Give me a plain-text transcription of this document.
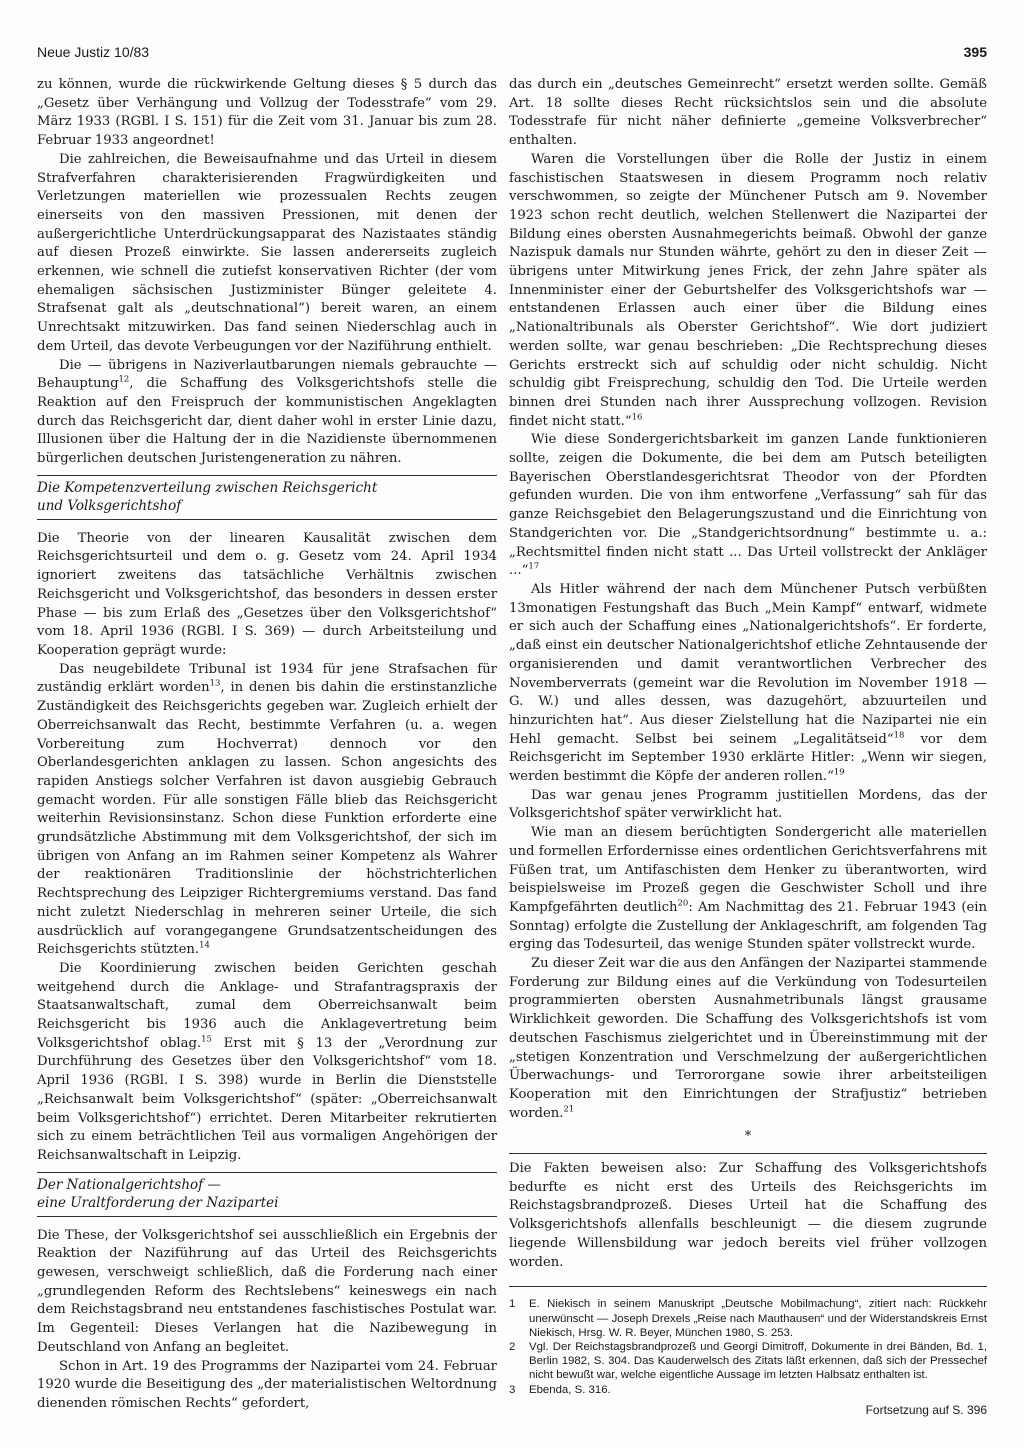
Neue Justiz 10/83	395

zu können, wurde die rückwirkende Geltung dieses § 5 durch das „Gesetz über Verhängung und Vollzug der Todesstrafe“ vom 29. März 1933 (RGBl. I S. 151) für die Zeit vom 31. Januar bis zum 28. Februar 1933 angeordnet!

Die zahlreichen, die Beweisaufnahme und das Urteil in diesem Strafverfahren charakterisierenden Fragwürdigkeiten und Verletzungen materiellen wie prozessualen Rechts zeugen einerseits von den massiven Pressionen, mit denen der außergerichtliche Unterdrückungsapparat des Nazistaates ständig auf diesen Prozeß einwirkte. Sie lassen andererseits zugleich erkennen, wie schnell die zutiefst konservativen Richter (der vom ehemaligen sächsischen Justizminister Bünger geleitete 4. Strafsenat galt als „deutschnational“) bereit waren, an einem Unrechtsakt mitzuwirken. Das fand seinen Niederschlag auch in dem Urteil, das devote Verbeugungen vor der Naziführung enthielt.

Die — übrigens in Naziverlautbarungen niemals gebrauchte — Behauptung$^{12}$, die Schaffung des Volksgerichtshofs stelle die Reaktion auf den Freispruch der kommunistischen Angeklagten durch das Reichsgericht dar, dient daher wohl in erster Linie dazu, Illusionen über die Haltung der in die Nazidienste übernommenen bürgerlichen deutschen Juristengeneration zu nähren.

Die Kompetenzverteilung zwischen Reichsgericht
und Volksgerichtshof

Die Theorie von der linearen Kausalität zwischen dem Reichsgerichtsurteil und dem o. g. Gesetz vom 24. April 1934 ignoriert zweitens das tatsächliche Verhältnis zwischen Reichsgericht und Volksgerichtshof, das besonders in dessen erster Phase — bis zum Erlaß des „Gesetzes über den Volksgerichtshof“ vom 18. April 1936 (RGBl. I S. 369) — durch Arbeitsteilung und Kooperation geprägt wurde:

Das neugebildete Tribunal ist 1934 für jene Strafsachen für zuständig erklärt worden$^{13}$, in denen bis dahin die erstinstanzliche Zuständigkeit des Reichsgerichts gegeben war. Zugleich erhielt der Oberreichsanwalt das Recht, bestimmte Verfahren (u. a. wegen Vorbereitung zum Hochverrat) dennoch vor den Oberlandesgerichten anklagen zu lassen. Schon angesichts des rapiden Anstiegs solcher Verfahren ist davon ausgiebig Gebrauch gemacht worden. Für alle sonstigen Fälle blieb das Reichsgericht weiterhin Revisionsinstanz. Schon diese Funktion erforderte eine grundsätzliche Abstimmung mit dem Volksgerichtshof, der sich im übrigen von Anfang an im Rahmen seiner Kompetenz als Wahrer der reaktionären Traditionslinie der höchstrichterlichen Rechtsprechung des Leipziger Richtergremiums verstand. Das fand nicht zuletzt Niederschlag in mehreren seiner Urteile, die sich ausdrücklich auf vorangegangene Grundsatzentscheidungen des Reichsgerichts stützten.$^{14}$

Die Koordinierung zwischen beiden Gerichten geschah weitgehend durch die Anklage- und Strafantragspraxis der Staatsanwaltschaft, zumal dem Oberreichsanwalt beim Reichsgericht bis 1936 auch die Anklagevertretung beim Volksgerichtshof oblag.$^{15}$ Erst mit § 13 der „Verordnung zur Durchführung des Gesetzes über den Volksgerichtshof“ vom 18. April 1936 (RGBl. I S. 398) wurde in Berlin die Dienststelle „Reichsanwalt beim Volksgerichtshof“ (später: „Oberreichsanwalt beim Volksgerichtshof“) errichtet. Deren Mitarbeiter rekrutierten sich zu einem beträchtlichen Teil aus vormaligen Angehörigen der Reichsanwaltschaft in Leipzig.

Der Nationalgerichtshof —
eine Uraltforderung der Nazipartei

Die These, der Volksgerichtshof sei ausschließlich ein Ergebnis der Reaktion der Naziführung auf das Urteil des Reichsgerichts gewesen, verschweigt schließlich, daß die Forderung nach einer „grundlegenden Reform des Rechtslebens“ keineswegs ein nach dem Reichstagsbrand neu entstandenes faschistisches Postulat war. Im Gegenteil: Dieses Verlangen hat die Nazibewegung in Deutschland von Anfang an begleitet.

Schon in Art. 19 des Programms der Nazipartei vom 24. Februar 1920 wurde die Beseitigung des „der materialistischen Weltordnung dienenden römischen Rechts“ gefordert,

das durch ein „deutsches Gemeinrecht“ ersetzt werden sollte. Gemäß Art. 18 sollte dieses Recht rücksichtslos sein und die absolute Todesstrafe für nicht näher definierte „gemeine Volksverbrecher“ enthalten.

Waren die Vorstellungen über die Rolle der Justiz in einem faschistischen Staatswesen in diesem Programm noch relativ verschwommen, so zeigte der Münchener Putsch am 9. November 1923 schon recht deutlich, welchen Stellenwert die Nazipartei der Bildung eines obersten Ausnahmegerichts beimaß. Obwohl der ganze Nazispuk damals nur Stunden währte, gehört zu den in dieser Zeit — übrigens unter Mitwirkung jenes Frick, der zehn Jahre später als Innenminister einer der Geburtshelfer des Volksgerichtshofs war — entstandenen Erlassen auch einer über die Bildung eines „Nationaltribunals als Oberster Gerichtshof“. Wie dort judiziert werden sollte, war genau beschrieben: „Die Rechtsprechung dieses Gerichts erstreckt sich auf schuldig oder nicht schuldig. Nicht schuldig gibt Freisprechung, schuldig den Tod. Die Urteile werden binnen drei Stunden nach ihrer Aussprechung vollzogen. Revision findet nicht statt.“$^{16}$

Wie diese Sondergerichtsbarkeit im ganzen Lande funktionieren sollte, zeigen die Dokumente, die bei dem am Putsch beteiligten Bayerischen Oberstlandesgerichtsrat Theodor von der Pfordten gefunden wurden. Die von ihm entworfene „Verfassung“ sah für das ganze Reichsgebiet den Belagerungszustand und die Einrichtung von Standgerichten vor. Die „Standgerichtsordnung“ bestimmte u. a.: „Rechtsmittel finden nicht statt ... Das Urteil vollstreckt der Ankläger ...“$^{17}$

Als Hitler während der nach dem Münchener Putsch verbüßten 13monatigen Festungshaft das Buch „Mein Kampf“ entwarf, widmete er sich auch der Schaffung eines „Nationalgerichtshofs“. Er forderte, „daß einst ein deutscher Nationalgerichtshof etliche Zehntausende der organisierenden und damit verantwortlichen Verbrecher des Novemberverrats (gemeint war die Revolution im November 1918 — G. W.) und alles dessen, was dazugehört, abzuurteilen und hinzurichten hat“. Aus dieser Zielstellung hat die Nazipartei nie ein Hehl gemacht. Selbst bei seinem „Legalitätseid“$^{18}$ vor dem Reichsgericht im September 1930 erklärte Hitler: „Wenn wir siegen, werden bestimmt die Köpfe der anderen rollen.“$^{19}$

Das war genau jenes Programm justitiellen Mordens, das der Volksgerichtshof später verwirklicht hat.

Wie man an diesem berüchtigten Sondergericht alle materiellen und formellen Erfordernisse eines ordentlichen Gerichtsverfahrens mit Füßen trat, um Antifaschisten dem Henker zu überantworten, wird beispielsweise im Prozeß gegen die Geschwister Scholl und ihre Kampfgefährten deutlich$^{20}$: Am Nachmittag des 21. Februar 1943 (ein Sonntag) erfolgte die Zustellung der Anklageschrift, am folgenden Tag erging das Todesurteil, das wenige Stunden später vollstreckt wurde.

Zu dieser Zeit war die aus den Anfängen der Nazipartei stammende Forderung zur Bildung eines auf die Verkündung von Todesurteilen programmierten obersten Ausnahmetribunals längst grausame Wirklichkeit geworden. Die Schaffung des Volksgerichtshofs ist vom deutschen Faschismus zielgerichtet und in Übereinstimmung mit der „stetigen Konzentration und Verschmelzung der außergerichtlichen Überwachungs- und Terrororgane sowie ihrer arbeitsteiligen Kooperation mit den Einrichtungen der Strafjustiz“ betrieben worden.$^{21}$

*

Die Fakten beweisen also: Zur Schaffung des Volksgerichtshofs bedurfte es nicht erst des Urteils des Reichsgerichts im Reichstagsbrandprozeß. Dieses Urteil hat die Schaffung des Volksgerichtshofs allenfalls beschleunigt — die diesem zugrunde liegende Willensbildung war jedoch bereits viel früher vollzogen worden.

1	E. Niekisch in seinem Manuskript „Deutsche Mobilmachung“, zitiert nach: Rückkehr unerwünscht — Joseph Drexels „Reise nach Mauthausen“ und der Widerstandskreis Ernst Niekisch, Hrsg. W. R. Beyer, München 1980, S. 253.
2	Vgl. Der Reichstagsbrandprozeß und Georgi Dimitroff, Dokumente in drei Bänden, Bd. 1, Berlin 1982, S. 304. Das Kauderwelsch des Zitats läßt erkennen, daß sich der Pressechef nicht bewußt war, welche eigentliche Aussage im letzten Halbsatz enthalten ist.
3	Ebenda, S. 316.
Fortsetzung auf S. 396
